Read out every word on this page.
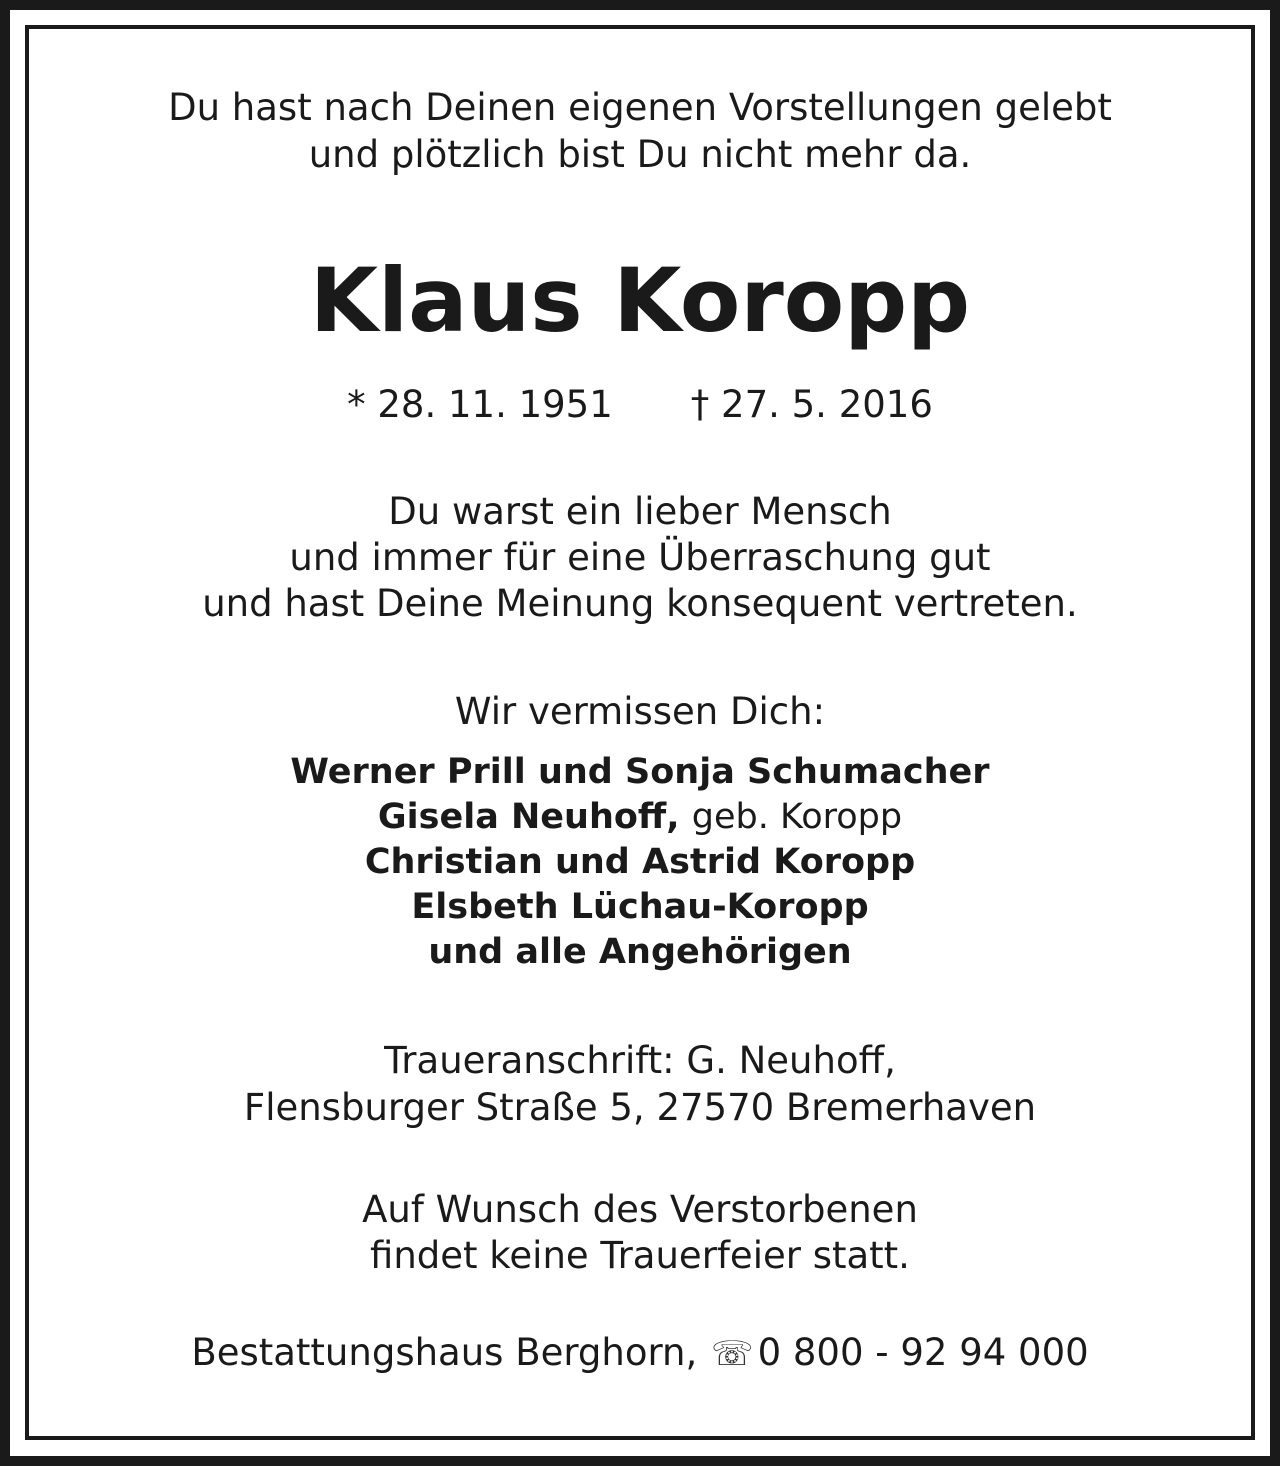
Du hast nach Deinen eigenen Vorstellungen gelebt
und plötzlich bist Du nicht mehr da.
Klaus Koropp
* 28. 11. 1951 † 27. 5. 2016
Du warst ein lieber Mensch
und immer für eine Überraschung gut
und hast Deine Meinung konsequent vertreten.
Wir vermissen Dich:
Werner Prill und Sonja Schumacher
Gisela Neuhoff, geb. Koropp
Christian und Astrid Koropp
Elsbeth Lüchau-Koropp
und alle Angehörigen
Traueranschrift: G. Neuhoff,
Flensburger Straße 5, 27570 Bremerhaven
Auf Wunsch des Verstorbenen
findet keine Trauerfeier statt.
Bestattungshaus Berghorn, ☏ 0 800 - 92 94 000
